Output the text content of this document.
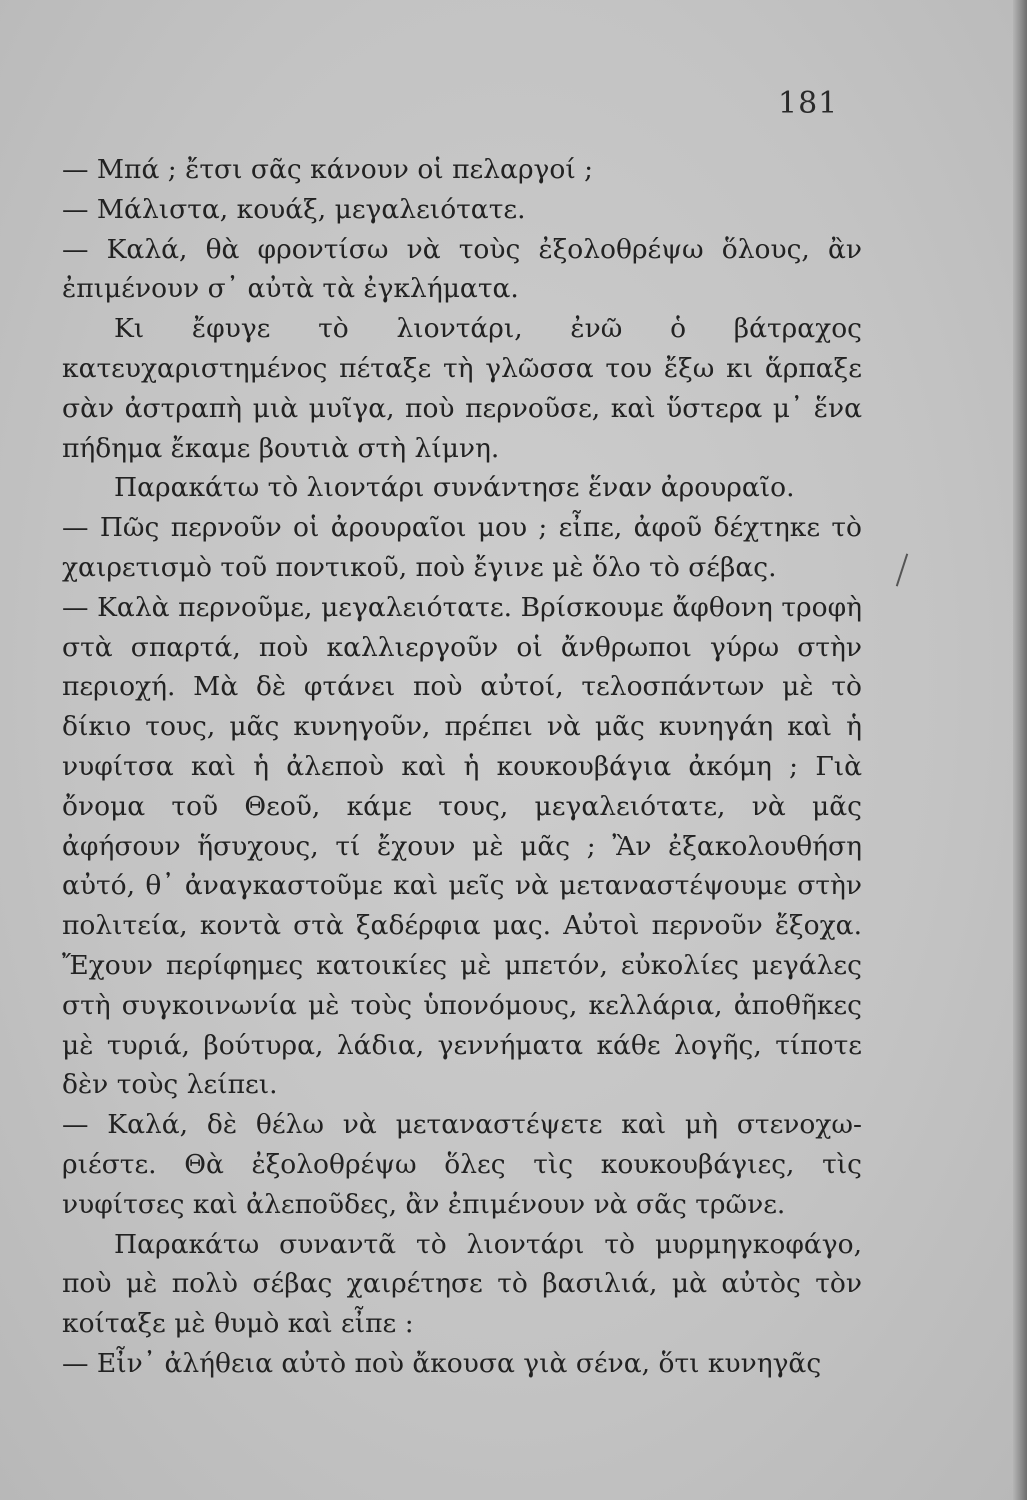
181

— Μπά ; ἔτσι σᾶς κάνουν οἱ πελαργοί ;

— Μάλιστα, κουάξ, μεγαλειότατε.

— Καλά, θὰ φροντίσω νὰ τοὺς ἐξολοθρέψω ὅλους, ἂν ἐπιμένουν σ᾽ αὐτὰ τὰ ἐγκλήματα.

Κι ἔφυγε τὸ λιοντάρι, ἐνῶ ὁ βάτραχος κατευχαριστημένος πέταξε τὴ γλῶσσα του ἔξω κι ἅρπαξε σὰν ἀστραπὴ μιὰ μυῖγα, ποὺ περνοῦσε, καὶ ὕστερα μ᾽ ἕνα πήδημα ἔκαμε βουτιὰ στὴ λίμνη.

Παρακάτω τὸ λιοντάρι συνάντησε ἕναν ἀρουραῖο.

— Πῶς περνοῦν οἱ ἀρουραῖοι μου ; εἶπε, ἀφοῦ δέχτηκε τὸ χαιρετισμὸ τοῦ ποντικοῦ, ποὺ ἔγινε μὲ ὅλο τὸ σέβας.

— Καλὰ περνοῦμε, μεγαλειότατε. Βρίσκουμε ἄφθονη τροφὴ στὰ σπαρτά, ποὺ καλλιεργοῦν οἱ ἄνθρωποι γύρω στὴν περιοχή. Μὰ δὲ φτάνει ποὺ αὐτοί, τελοσπάντων μὲ τὸ δίκιο τους, μᾶς κυνηγοῦν, πρέπει νὰ μᾶς κυνηγάη καὶ ἡ νυφίτσα καὶ ἡ ἀλεποὺ καὶ ἡ κουκουβάγια ἀκόμη ; Γιὰ ὄνομα τοῦ Θεοῦ, κάμε τους, μεγαλειότατε, νὰ μᾶς ἀφήσουν ἥσυχους, τί ἔχουν μὲ μᾶς ; Ἂν ἐξακολουθήση αὐτό, θ᾽ ἀναγκαστοῦμε καὶ μεῖς νὰ μεταναστέψουμε στὴν πολιτεία, κοντὰ στὰ ξαδέρφια μας. Αὐτοὶ περνοῦν ἔξοχα. Ἔχουν περίφημες κατοικίες μὲ μπετόν, εὐκολίες μεγάλες στὴ συγκοινωνία μὲ τοὺς ὑπονόμους, κελλάρια, ἀποθῆκες μὲ τυριά, βούτυρα, λάδια, γεννήματα κάθε λογῆς, τίποτε δὲν τοὺς λείπει.

— Καλά, δὲ θέλω νὰ μεταναστέψετε καὶ μὴ στενοχωριέστε. Θὰ ἐξολοθρέψω ὅλες τὶς κουκουβάγιες, τὶς νυφίτσες καὶ ἀλεποῦδες, ἂν ἐπιμένουν νὰ σᾶς τρῶνε.

Παρακάτω συναντᾶ τὸ λιοντάρι τὸ μυρμηγκοφάγο, ποὺ μὲ πολὺ σέβας χαιρέτησε τὸ βασιλιά, μὰ αὐτὸς τὸν κοίταξε μὲ θυμὸ καὶ εἶπε :

— Εἶν᾽ ἀλήθεια αὐτὸ ποὺ ἄκουσα γιὰ σένα, ὅτι κυνηγᾶς
